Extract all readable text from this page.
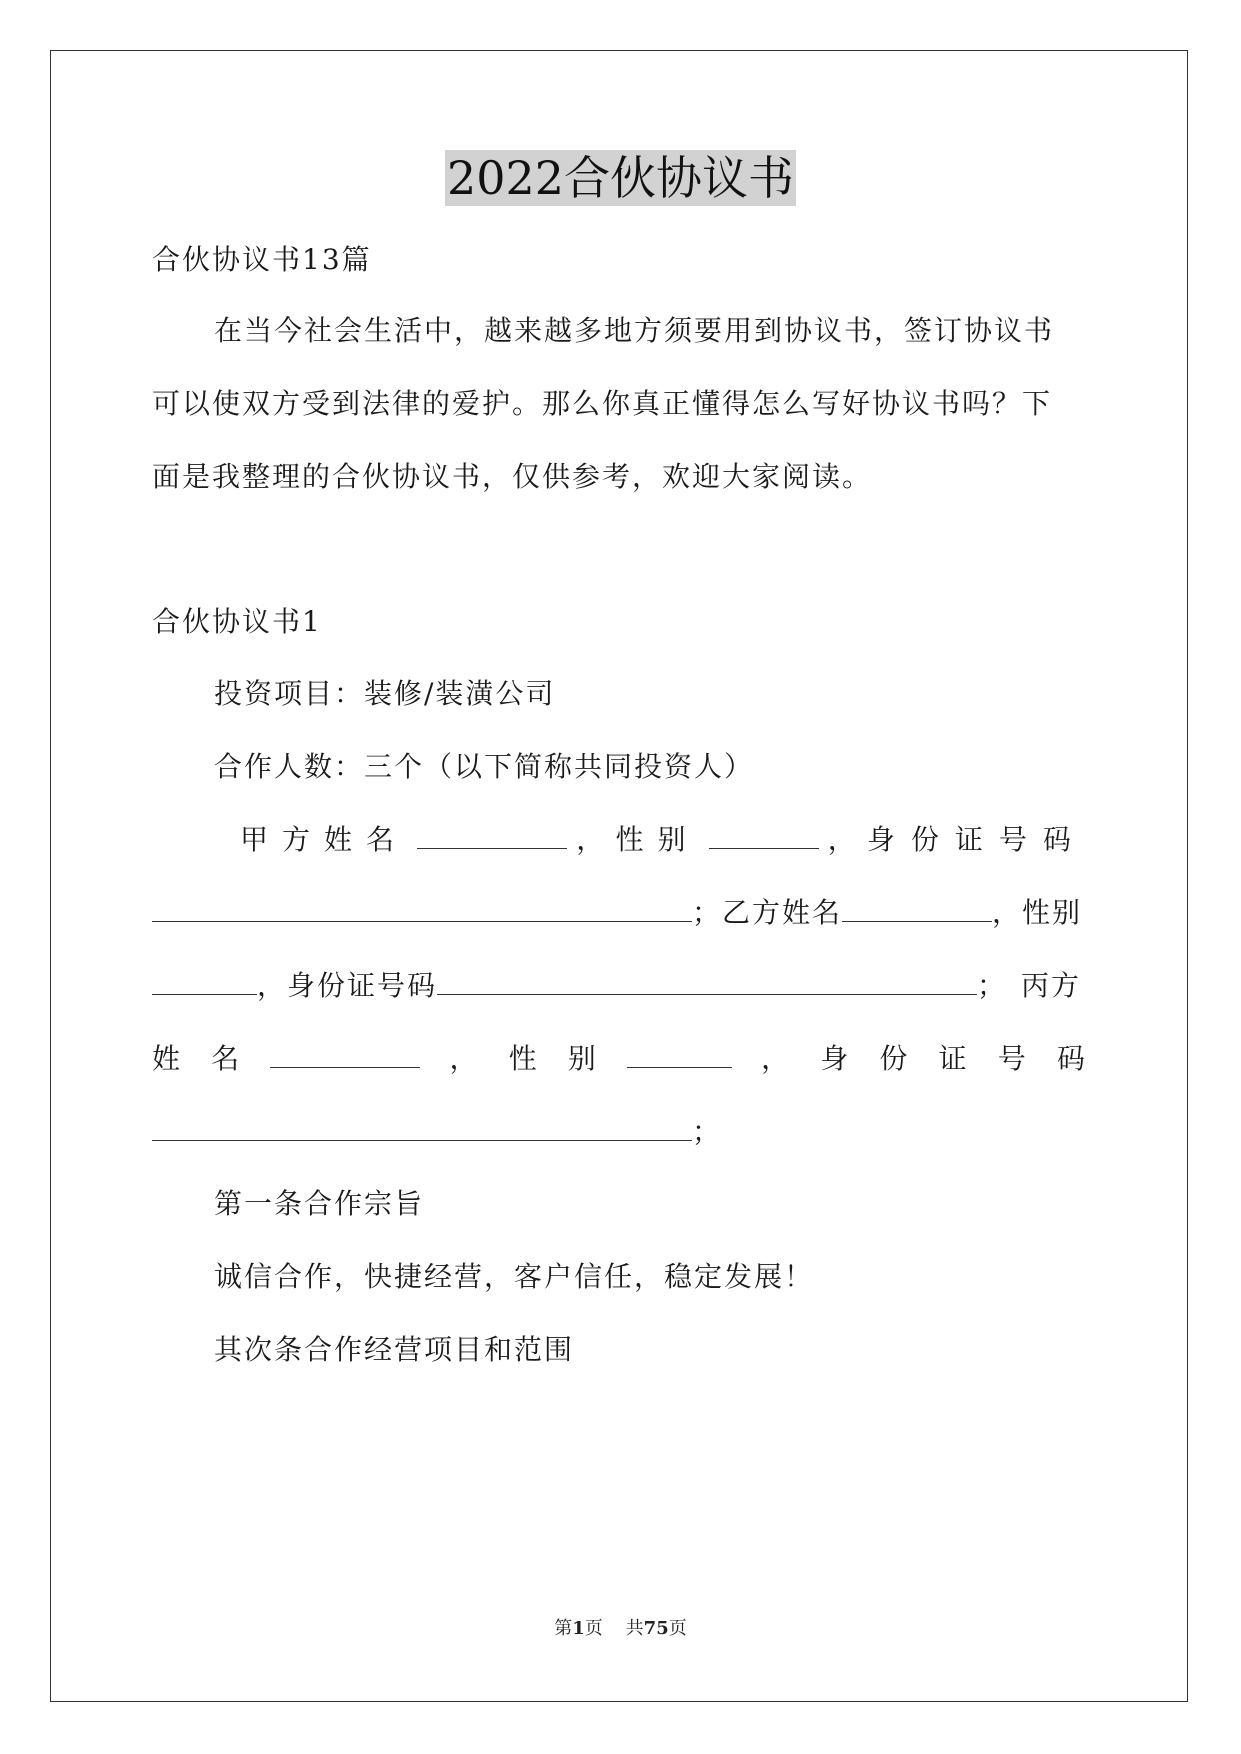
2022合伙协议书
合伙协议书13篇
在当今社会生活中，越来越多地方须要用到协议书，签订协议书
可以使双方受到法律的爱护。那么你真正懂得怎么写好协议书吗？下
面是我整理的合伙协议书，仅供参考，欢迎大家阅读。
合伙协议书1
投资项目：装修/装潢公司
合作人数：三个（以下简称共同投资人）
甲方姓名	， 性别	， 身份证号码
；乙方姓名	，性别
，身份证号码	； 丙方
姓 名	， 性 别	， 身 份 证 号 码
；
第一条合作宗旨
诚信合作，快捷经营，客户信任，稳定发展！
其次条合作经营项目和范围
第1页 共75页
